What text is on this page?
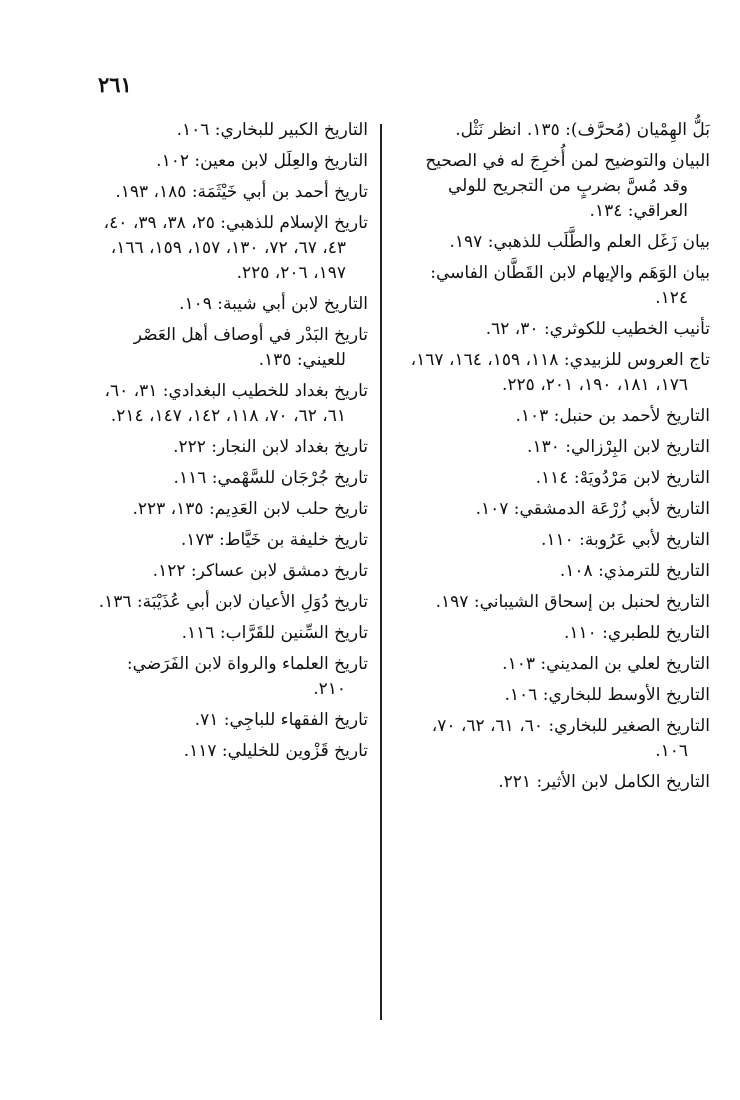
٢٦١

بَلُّ الهِمْيان (مُحرَّف): ١٣٥. انظر نَثْل.

البيان والتوضيح لمن أُخرِجَ له في الصحيح وقد مُسَّ بضربٍ من التجريح للولي العراقي: ١٣٤.

بيان زَغَل العلم والطَّلَب للذهبي: ١٩٧.

بيان الوَهَم والإيهام لابن القَطَّان الفاسي: ١٢٤.

تأنيب الخطيب للكوثري: ٣٠، ٦٢.

تاج العروس للزبيدي: ١١٨، ١٥٩، ١٦٤، ١٦٧، ١٧٦، ١٨١، ١٩٠، ٢٠١، ٢٢٥.

التاريخ لأحمد بن حنبل: ١٠٣.

التاريخ لابن البِرْزالي: ١٣٠.

التاريخ لابن مَرْدُويَهْ: ١١٤.

التاريخ لأبي زُرْعَة الدمشقي: ١٠٧.

التاريخ لأبي عَرُوبة: ١١٠.

التاريخ للترمذي: ١٠٨.

التاريخ لحنبل بن إسحاق الشيباني: ١٩٧.

التاريخ للطبري: ١١٠.

التاريخ لعلي بن المديني: ١٠٣.

التاريخ الأوسط للبخاري: ١٠٦.

التاريخ الصغير للبخاري: ٦٠، ٦١، ٦٢، ٧٠، ١٠٦.

التاريخ الكامل لابن الأثير: ٢٢١.

التاريخ الكبير للبخاري: ١٠٦.

التاريخ والعِلَل لابن معين: ١٠٢.

تاريخ أحمد بن أبي خَيْثَمَة: ١٨٥، ١٩٣.

تاريخ الإسلام للذهبي: ٢٥، ٣٨، ٣٩، ٤٠، ٤٣، ٦٧، ٧٢، ١٣٠، ١٥٧، ١٥٩، ١٦٦، ١٩٧، ٢٠٦، ٢٢٥.

التاريخ لابن أبي شيبة: ١٠٩.

تاريخ البَدْر في أوصاف أهل العَصْر للعيني: ١٣٥.

تاريخ بغداد للخطيب البغدادي: ٣١، ٦٠، ٦١، ٦٢، ٧٠، ١١٨، ١٤٢، ١٤٧، ٢١٤.

تاريخ بغداد لابن النجار: ٢٢٢.

تاريخ جُرْجَان للسَّهْمي: ١١٦.

تاريخ حلب لابن العَدِيم: ١٣٥، ٢٢٣.

تاريخ خليفة بن خَيَّاط: ١٧٣.

تاريخ دمشق لابن عساكر: ١٢٢.

تاريخ دُوَلِ الأعيان لابن أبي عُذَيْبَة: ١٣٦.

تاريخ السِّنين للقَرَّاب: ١١٦.

تاريخ العلماء والرواة لابن الفَرَضي: ٢١٠.

تاريخ الفقهاء للباجِي: ٧١.

تاريخ قَزْوين للخليلي: ١١٧.
